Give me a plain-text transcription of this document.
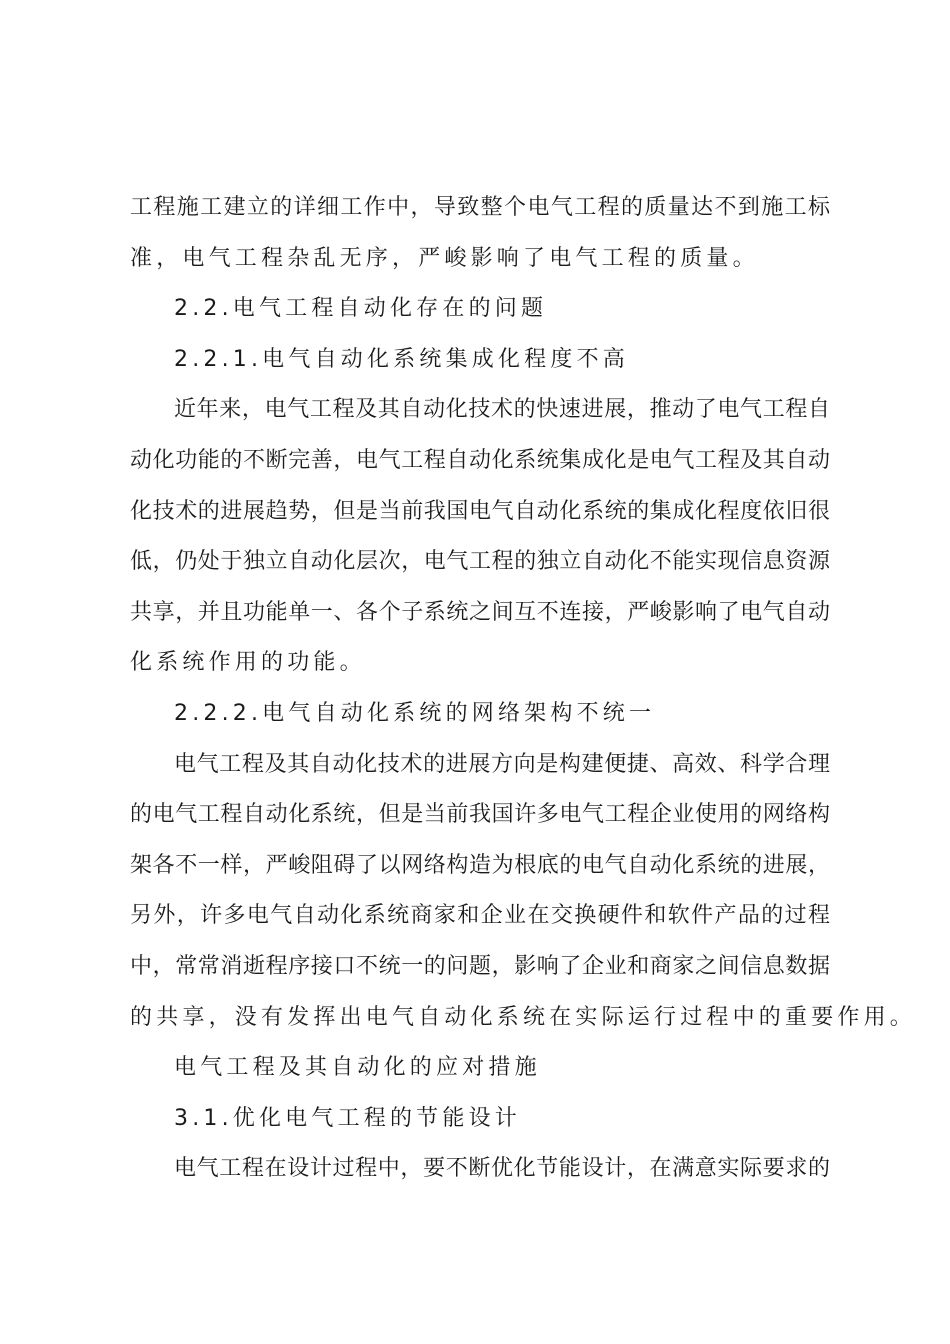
工程施工建立的详细工作中，导致整个电气工程的质量达不到施工标
准，电气工程杂乱无序，严峻影响了电气工程的质量。
2.2.电气工程自动化存在的问题
2.2.1.电气自动化系统集成化程度不高
近年来，电气工程及其自动化技术的快速进展，推动了电气工程自
动化功能的不断完善，电气工程自动化系统集成化是电气工程及其自动
化技术的进展趋势，但是当前我国电气自动化系统的集成化程度依旧很
低，仍处于独立自动化层次，电气工程的独立自动化不能实现信息资源
共享，并且功能单一、各个子系统之间互不连接，严峻影响了电气自动
化系统作用的功能。
2.2.2.电气自动化系统的网络架构不统一
电气工程及其自动化技术的进展方向是构建便捷、高效、科学合理
的电气工程自动化系统，但是当前我国许多电气工程企业使用的网络构
架各不一样，严峻阻碍了以网络构造为根底的电气自动化系统的进展，
另外，许多电气自动化系统商家和企业在交换硬件和软件产品的过程
中，常常消逝程序接口不统一的问题，影响了企业和商家之间信息数据
的共享，没有发挥出电气自动化系统在实际运行过程中的重要作用。
电气工程及其自动化的应对措施
3.1.优化电气工程的节能设计
电气工程在设计过程中，要不断优化节能设计，在满意实际要求的
